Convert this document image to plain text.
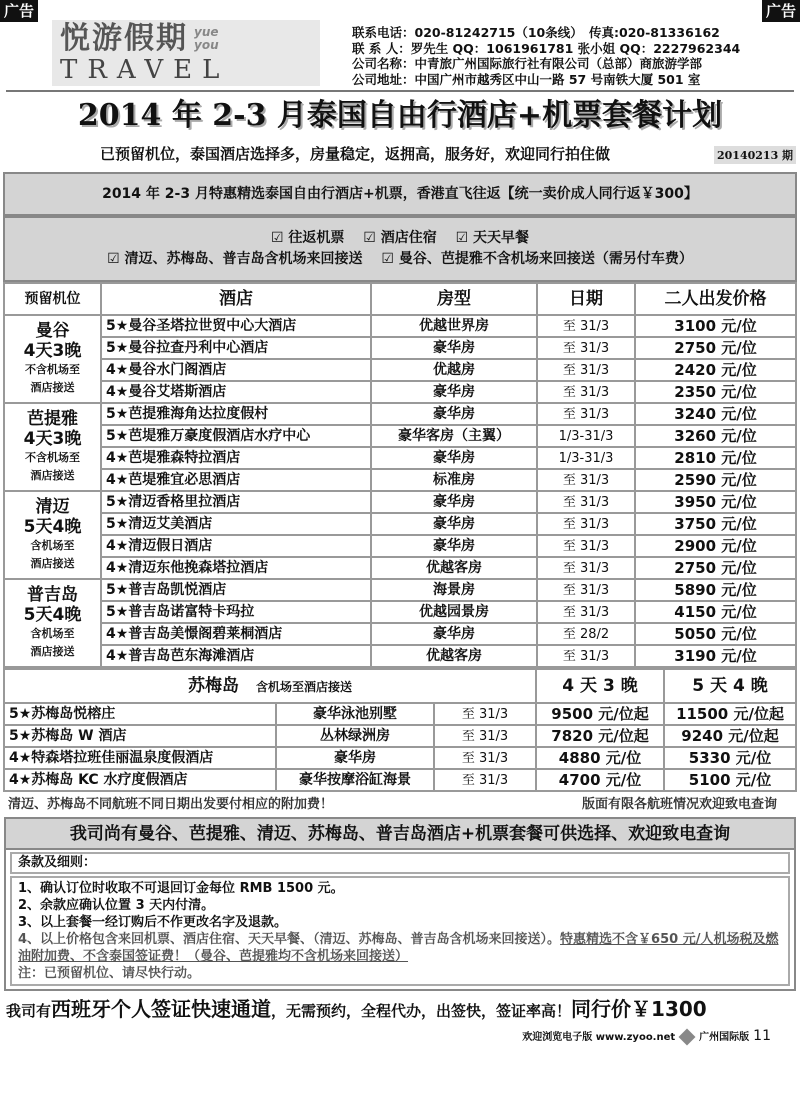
广告	广告
悦游假期 yue
you
TRAVEL
联系电话：020-81242715（10条线）　传真:020-81336162
联 系 人：罗先生 QQ：1061961781 张小姐 QQ：2227962344
公司名称：中青旅广州国际旅行社有限公司（总部）商旅游学部
公司地址：中国广州市越秀区中山一路 57 号南铁大厦 501 室
2014 年 2-3 月泰国自由行酒店+机票套餐计划
已预留机位，泰国酒店选择多，房量稳定，返拥高，服务好，欢迎同行拍住做	20140213 期
2014 年 2-3 月特惠精选泰国自由行酒店+机票，香港直飞往返【统一卖价成人同行返￥300】
☑ 往返机票　 ☑ 酒店住宿　 ☑ 天天早餐
☑ 清迈、苏梅岛、普吉岛含机场来回接送　 ☑ 曼谷、芭提雅不含机场来回接送（需另付车费）
预留机位	酒店	房型	日期	二人出发价格

曼谷
4天3晚
不含机场至
酒店接送	5★曼谷圣塔拉世贸中心大酒店	优越世界房	至 31/3	3100 元/位
	5★曼谷拉查丹利中心酒店	豪华房	至 31/3	2750 元/位
	4★曼谷水门阁酒店	优越房	至 31/3	2420 元/位
	4★曼谷艾塔斯酒店	豪华房	至 31/3	2350 元/位

芭提雅
4天3晚
不含机场至
酒店接送	5★芭提雅海角达拉度假村	豪华房	至 31/3	3240 元/位
	5★芭堤雅万豪度假酒店水疗中心	豪华客房（主翼）	1/3-31/3	3260 元/位
	4★芭堤雅森特拉酒店	豪华房	1/3-31/3	2810 元/位
	4★芭堤雅宜必思酒店	标准房	至 31/3	2590 元/位

清迈
5天4晚
含机场至
酒店接送	5★清迈香格里拉酒店	豪华房	至 31/3	3950 元/位
	5★清迈艾美酒店	豪华房	至 31/3	3750 元/位
	4★清迈假日酒店	豪华房	至 31/3	2900 元/位
	4★清迈东他挽森塔拉酒店	优越客房	至 31/3	2750 元/位

普吉岛
5天4晚
含机场至
酒店接送	5★普吉岛凯悦酒店	海景房	至 31/3	5890 元/位
	5★普吉岛诺富特卡玛拉	优越园景房	至 31/3	4150 元/位
	4★普吉岛美憬阁碧莱桐酒店	豪华房	至 28/2	5050 元/位
	4★普吉岛芭东海滩酒店	优越客房	至 31/3	3190 元/位
苏梅岛　 含机场至酒店接送			4 天 3 晚	5 天 4 晚
5★苏梅岛悦榕庄	豪华泳池别墅	至 31/3	9500 元/位起	11500 元/位起
5★苏梅岛 W 酒店	丛林绿洲房	至 31/3	7820 元/位起	9240 元/位起
4★特森塔拉班佳丽温泉度假酒店	豪华房	至 31/3	4880 元/位	5330 元/位
4★苏梅岛 KC 水疗度假酒店	豪华按摩浴缸海景	至 31/3	4700 元/位	5100 元/位
清迈、苏梅岛不同航班不同日期出发要付相应的附加费！	版面有限各航班情况欢迎致电查询
我司尚有曼谷、芭提雅、清迈、苏梅岛、普吉岛酒店+机票套餐可供选择、欢迎致电查询
条款及细则：
1、确认订位时收取不可退回订金每位 RMB 1500 元。
2、余款应确认位置 3 天内付清。
3、以上套餐一经订购后不作更改名字及退款。
4、以上价格包含来回机票、酒店住宿、天天早餐、（清迈、苏梅岛、普吉岛含机场来回接送）。特惠精选不含￥650 元/人机场税及燃油附加费、不含泰国签证费！（曼谷、芭提雅均不含机场来回接送）
注：已预留机位、请尽快行动。
我司有西班牙个人签证快速通道，无需预约，全程代办，出签快，签证率高！同行价￥1300
欢迎浏览电子版 www.zyoo.net 广州国际版 11
